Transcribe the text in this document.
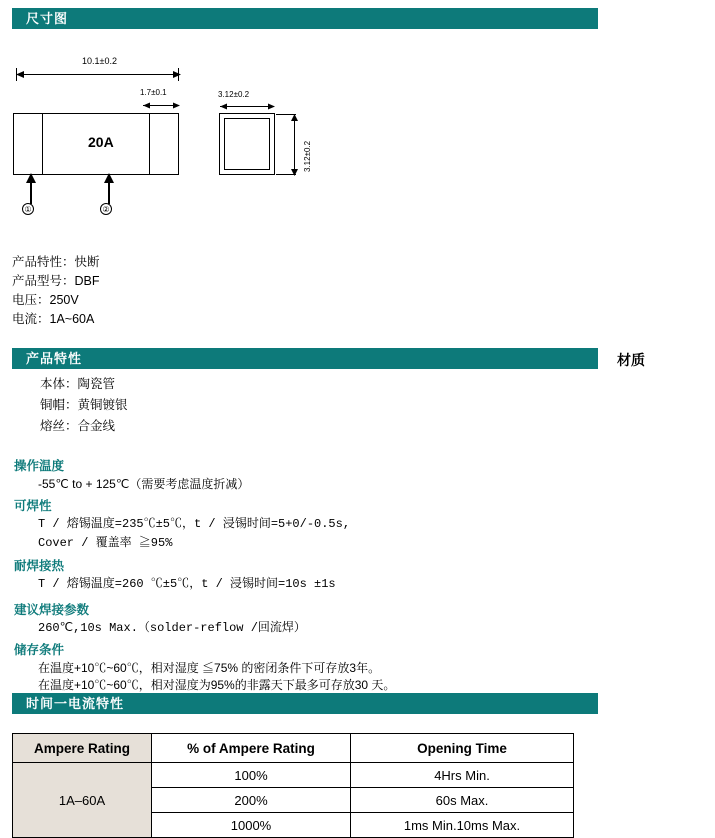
尺寸图
10.1±0.2
1.7±0.1
20A
①	②
3.12±0.2
3.12±0.2
产品特性：快断
产品型号：DBF
电压：250V
电流：1A~60A
产品特性	材质
本体：陶瓷管
铜帽：黄铜镀银
熔丝：合金线
操作温度
-55℃ to + 125℃（需要考虑温度折减）
可焊性
T / 熔锡温度=235℃±5℃，t / 浸锡时间=5+0/-0.5s,
Cover / 覆盖率 ≧95%
耐焊接热
T / 熔锡温度=260 ℃±5℃，t / 浸锡时间=10s ±1s
建议焊接参数
260℃,10s Max.（solder-reflow /回流焊）
储存条件
在温度+10℃~60℃，相对湿度 ≦75% 的密闭条件下可存放3年。
在温度+10℃~60℃，相对湿度为95%的非露天下最多可存放30 天。
时间一电流特性
Ampere Rating	% of Ampere Rating	Opening Time
1A–60A	100%	4Hrs Min.
	200%	60s Max.
	1000%	1ms Min.10ms Max.
